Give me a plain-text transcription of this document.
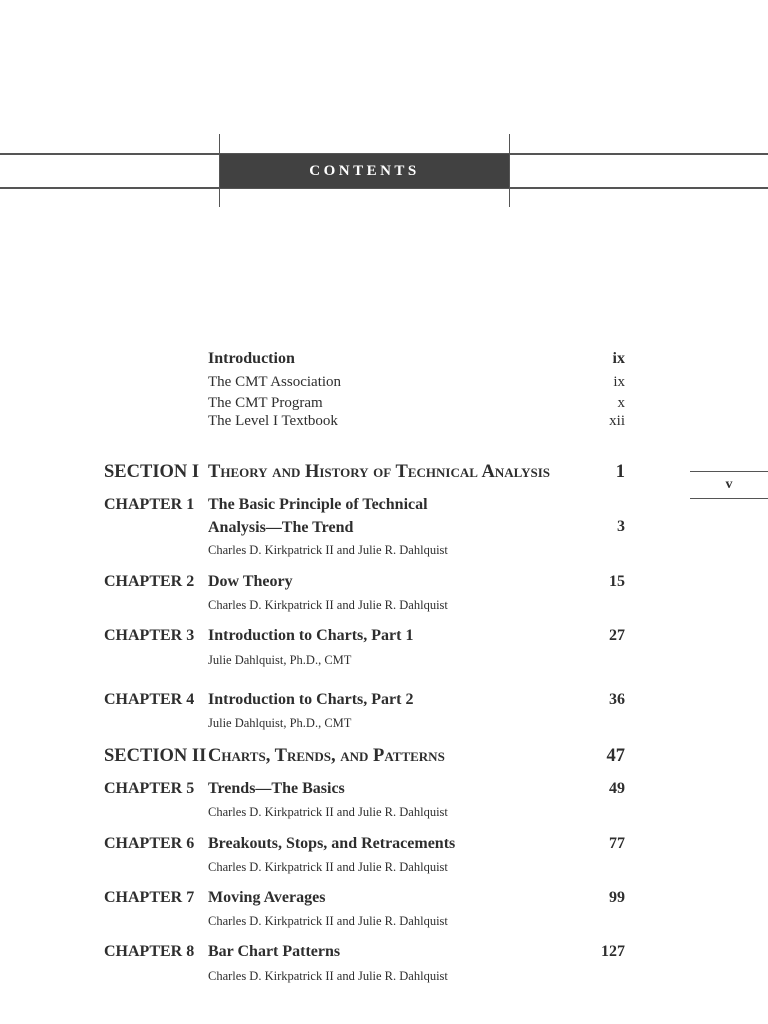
CONTENTS
Introduction	ix
The CMT Association	ix
The CMT Program	x
The Level I Textbook	xii
SECTION I Theory and History of Technical Analysis	1
v
CHAPTER 1 The Basic Principle of Technical
Analysis—The Trend	3
Charles D. Kirkpatrick II and Julie R. Dahlquist
CHAPTER 2 Dow Theory	15
Charles D. Kirkpatrick II and Julie R. Dahlquist
CHAPTER 3 Introduction to Charts, Part 1	27
Julie Dahlquist, Ph.D., CMT
CHAPTER 4 Introduction to Charts, Part 2	36
Julie Dahlquist, Ph.D., CMT
SECTION II Charts, Trends, and Patterns	47
CHAPTER 5 Trends—The Basics	49
Charles D. Kirkpatrick II and Julie R. Dahlquist
CHAPTER 6 Breakouts, Stops, and Retracements	77
Charles D. Kirkpatrick II and Julie R. Dahlquist
CHAPTER 7 Moving Averages	99
Charles D. Kirkpatrick II and Julie R. Dahlquist
CHAPTER 8 Bar Chart Patterns	127
Charles D. Kirkpatrick II and Julie R. Dahlquist
